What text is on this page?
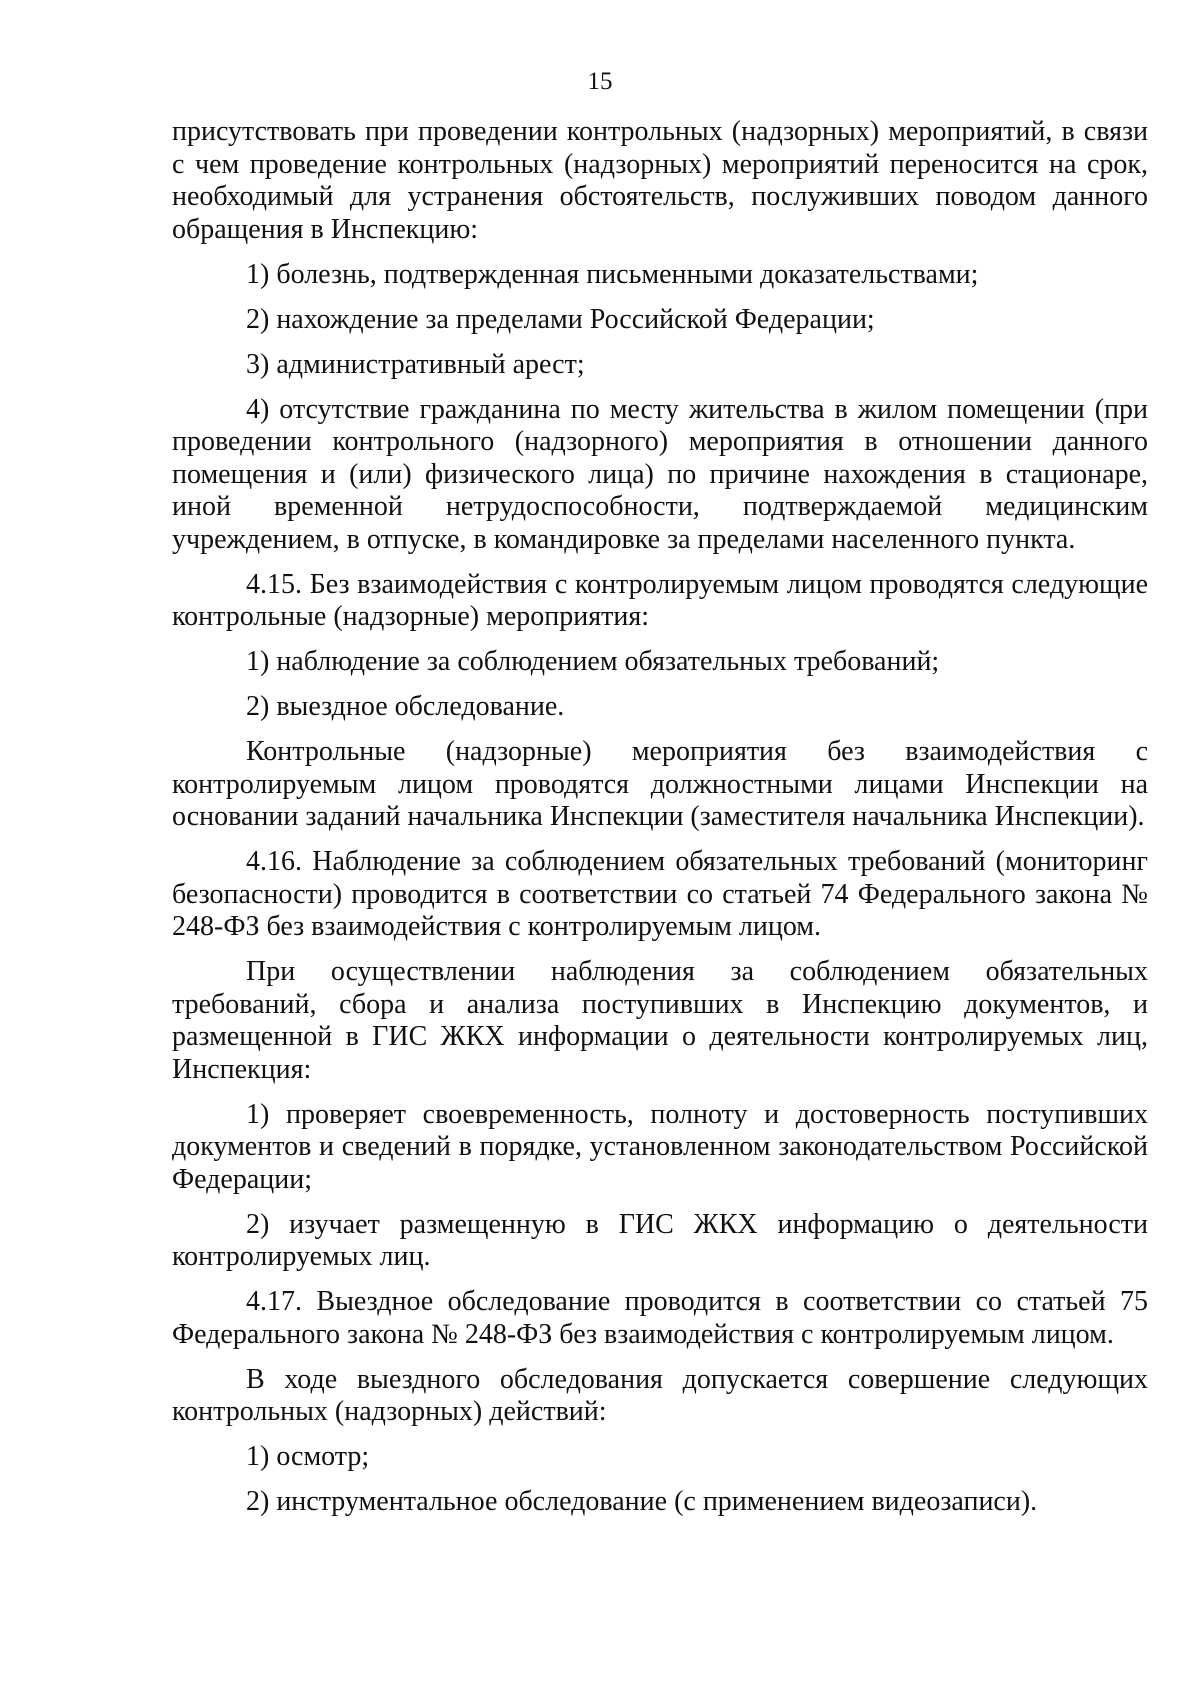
15

присутствовать при проведении контрольных (надзорных) мероприятий, в связи с чем проведение контрольных (надзорных) мероприятий переносится на срок, необходимый для устранения обстоятельств, послуживших поводом данного обращения в Инспекцию:

1) болезнь, подтвержденная письменными доказательствами;

2) нахождение за пределами Российской Федерации;

3) административный арест;

4) отсутствие гражданина по месту жительства в жилом помещении (при проведении контрольного (надзорного) мероприятия в отношении данного помещения и (или) физического лица) по причине нахождения в стационаре, иной временной нетрудоспособности, подтверждаемой медицинским учреждением, в отпуске, в командировке за пределами населенного пункта.

4.15. Без взаимодействия с контролируемым лицом проводятся следующие контрольные (надзорные) мероприятия:

1) наблюдение за соблюдением обязательных требований;

2) выездное обследование.

Контрольные (надзорные) мероприятия без взаимодействия с контролируемым лицом проводятся должностными лицами Инспекции на основании заданий начальника Инспекции (заместителя начальника Инспекции).

4.16. Наблюдение за соблюдением обязательных требований (мониторинг безопасности) проводится в соответствии со статьей 74 Федерального закона № 248-ФЗ без взаимодействия с контролируемым лицом.

При осуществлении наблюдения за соблюдением обязательных требований, сбора и анализа поступивших в Инспекцию документов, и размещенной в ГИС ЖКХ информации о деятельности контролируемых лиц, Инспекция:

1) проверяет своевременность, полноту и достоверность поступивших документов и сведений в порядке, установленном законодательством Российской Федерации;

2) изучает размещенную в ГИС ЖКХ информацию о деятельности контролируемых лиц.

4.17. Выездное обследование проводится в соответствии со статьей 75 Федерального закона № 248-ФЗ без взаимодействия с контролируемым лицом.

В ходе выездного обследования допускается совершение следующих контрольных (надзорных) действий:

1) осмотр;

2) инструментальное обследование (с применением видеозаписи).
